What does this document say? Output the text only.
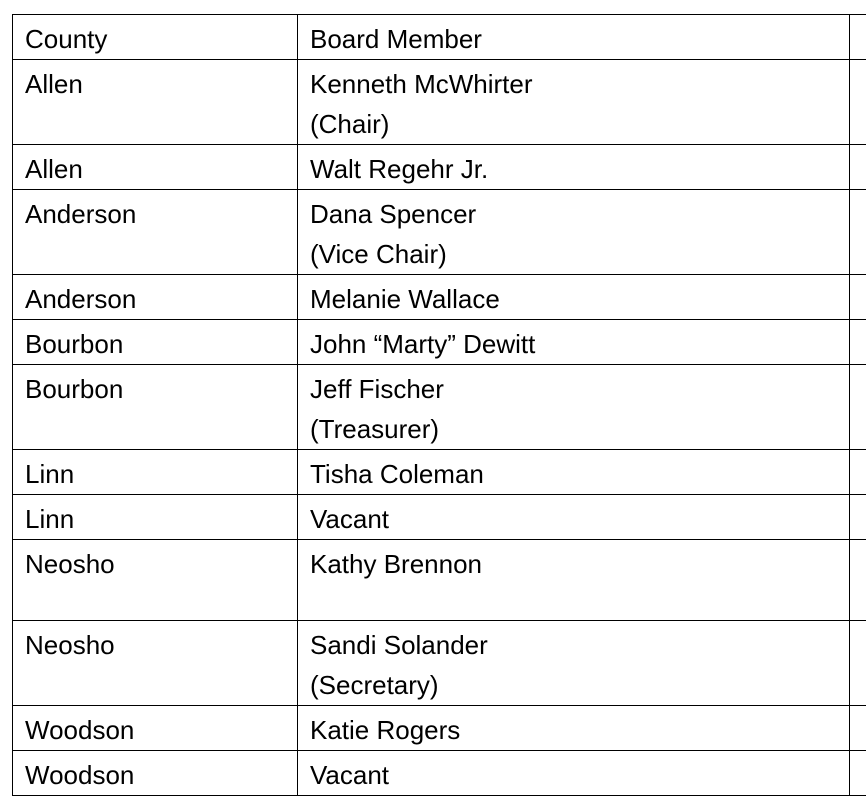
County	Board Member	
Allen	Kenneth McWhirter
(Chair)	

Allen	Walt Regehr Jr.	

Anderson	Dana Spencer
(Vice Chair)	

Anderson	Melanie Wallace	

Bourbon	John “Marty” Dewitt	

Bourbon	Jeff Fischer
(Treasurer)	

Linn	Tisha Coleman	

Linn	Vacant	

Neosho	Kathy Brennon	

Neosho	Sandi Solander
(Secretary)	

Woodson	Katie Rogers	

Woodson	Vacant	
